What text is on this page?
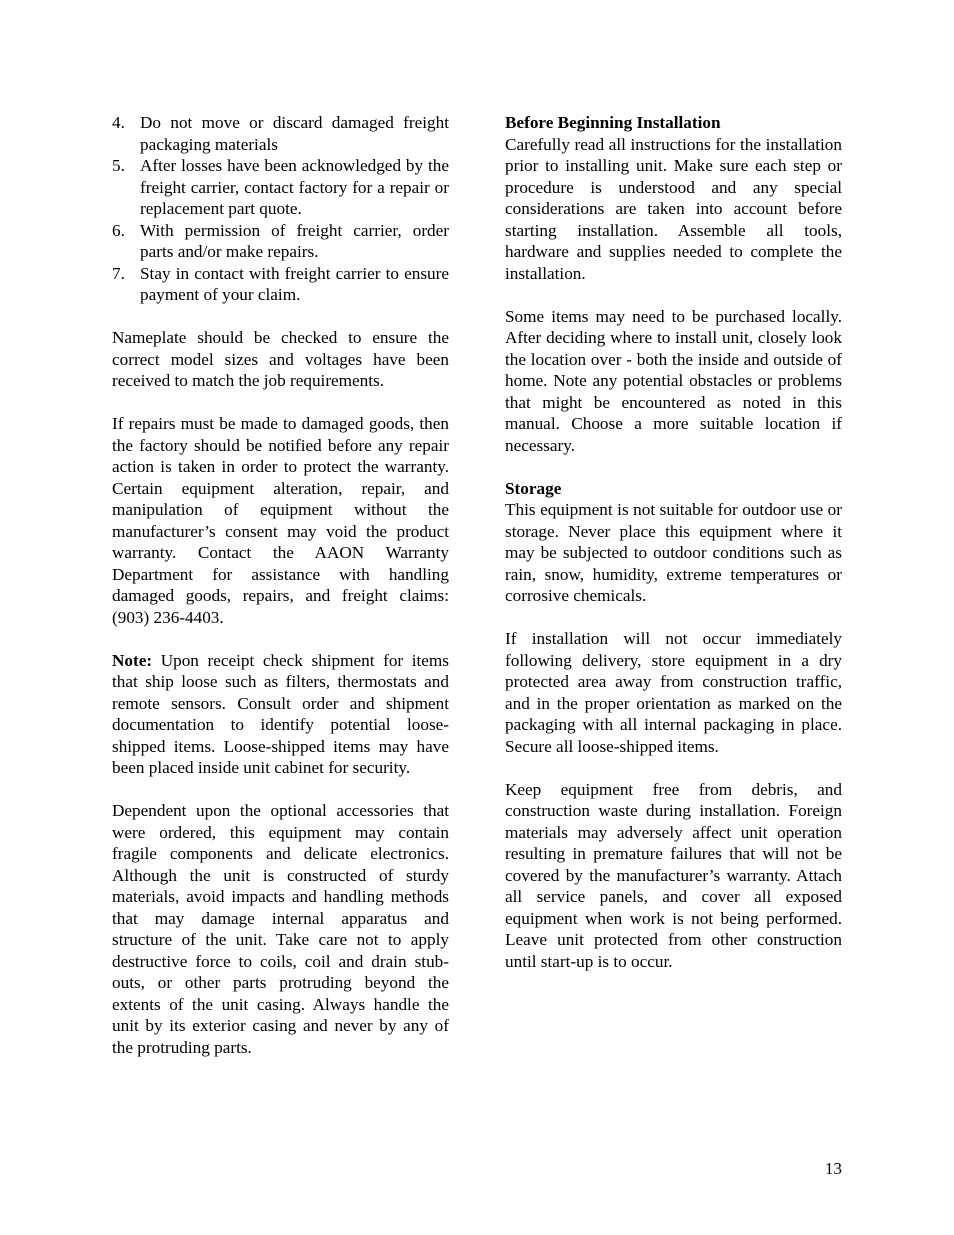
4. Do not move or discard damaged freight packaging materials
5. After losses have been acknowledged by the freight carrier, contact factory for a repair or replacement part quote.
6. With permission of freight carrier, order parts and/or make repairs.
7. Stay in contact with freight carrier to ensure payment of your claim.

Nameplate should be checked to ensure the correct model sizes and voltages have been received to match the job requirements.

If repairs must be made to damaged goods, then the factory should be notified before any repair action is taken in order to protect the warranty. Certain equipment alteration, repair, and manipulation of equipment without the manufacturer’s consent may void the product warranty. Contact the AAON Warranty Department for assistance with handling damaged goods, repairs, and freight claims: (903) 236-4403.

Note: Upon receipt check shipment for items that ship loose such as filters, thermostats and remote sensors. Consult order and shipment documentation to identify potential loose-shipped items. Loose-shipped items may have been placed inside unit cabinet for security.

Dependent upon the optional accessories that were ordered, this equipment may contain fragile components and delicate electronics. Although the unit is constructed of sturdy materials, avoid impacts and handling methods that may damage internal apparatus and structure of the unit. Take care not to apply destructive force to coils, coil and drain stub-outs, or other parts protruding beyond the extents of the unit casing. Always handle the unit by its exterior casing and never by any of the protruding parts.

Before Beginning Installation
Carefully read all instructions for the installation prior to installing unit. Make sure each step or procedure is understood and any special considerations are taken into account before starting installation. Assemble all tools, hardware and supplies needed to complete the installation.

Some items may need to be purchased locally. After deciding where to install unit, closely look the location over - both the inside and outside of home. Note any potential obstacles or problems that might be encountered as noted in this manual. Choose a more suitable location if necessary.

Storage
This equipment is not suitable for outdoor use or storage. Never place this equipment where it may be subjected to outdoor conditions such as rain, snow, humidity, extreme temperatures or corrosive chemicals.

If installation will not occur immediately following delivery, store equipment in a dry protected area away from construction traffic, and in the proper orientation as marked on the packaging with all internal packaging in place. Secure all loose-shipped items.

Keep equipment free from debris, and construction waste during installation. Foreign materials may adversely affect unit operation resulting in premature failures that will not be covered by the manufacturer’s warranty. Attach all service panels, and cover all exposed equipment when work is not being performed. Leave unit protected from other construction until start-up is to occur.

13
